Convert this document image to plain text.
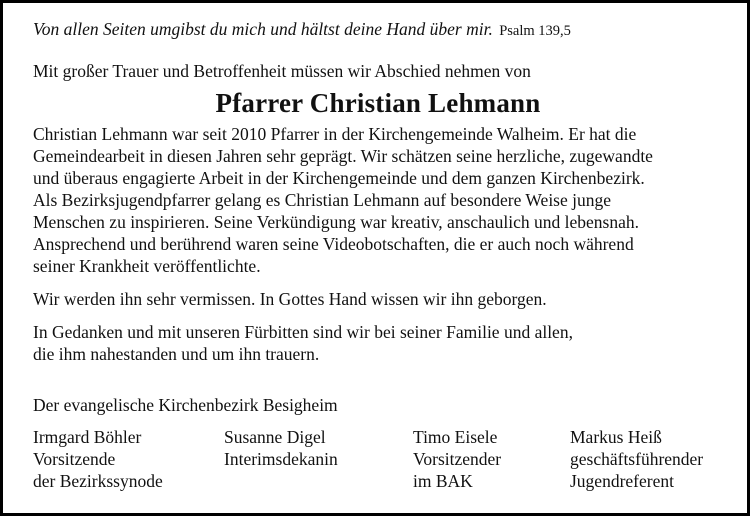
Von allen Seiten umgibst du mich und hältst deine Hand über mir. Psalm 139,5
Mit großer Trauer und Betroffenheit müssen wir Abschied nehmen von
Pfarrer Christian Lehmann

Christian Lehmann war seit 2010 Pfarrer in der Kirchengemeinde Walheim. Er hat die

Gemeindearbeit in diesen Jahren sehr geprägt. Wir schätzen seine herzliche, zugewandte

und überaus engagierte Arbeit in der Kirchengemeinde und dem ganzen Kirchenbezirk.

Als Bezirksjugendpfarrer gelang es Christian Lehmann auf besondere Weise junge

Menschen zu inspirieren. Seine Verkündigung war kreativ, anschaulich und lebensnah.

Ansprechend und berührend waren seine Videobotschaften, die er auch noch während

seiner Krankheit veröffentlichte.

Wir werden ihn sehr vermissen. In Gottes Hand wissen wir ihn geborgen.

In Gedanken und mit unseren Fürbitten sind wir bei seiner Familie und allen,

die ihm nahestanden und um ihn trauern.

Der evangelische Kirchenbezirk Besigheim
Irmgard Böhler
Vorsitzende
der Bezirkssynode
Susanne Digel
Interimsdekanin
Timo Eisele
Vorsitzender
im BAK
Markus Heiß
geschäftsführender
Jugendreferent
